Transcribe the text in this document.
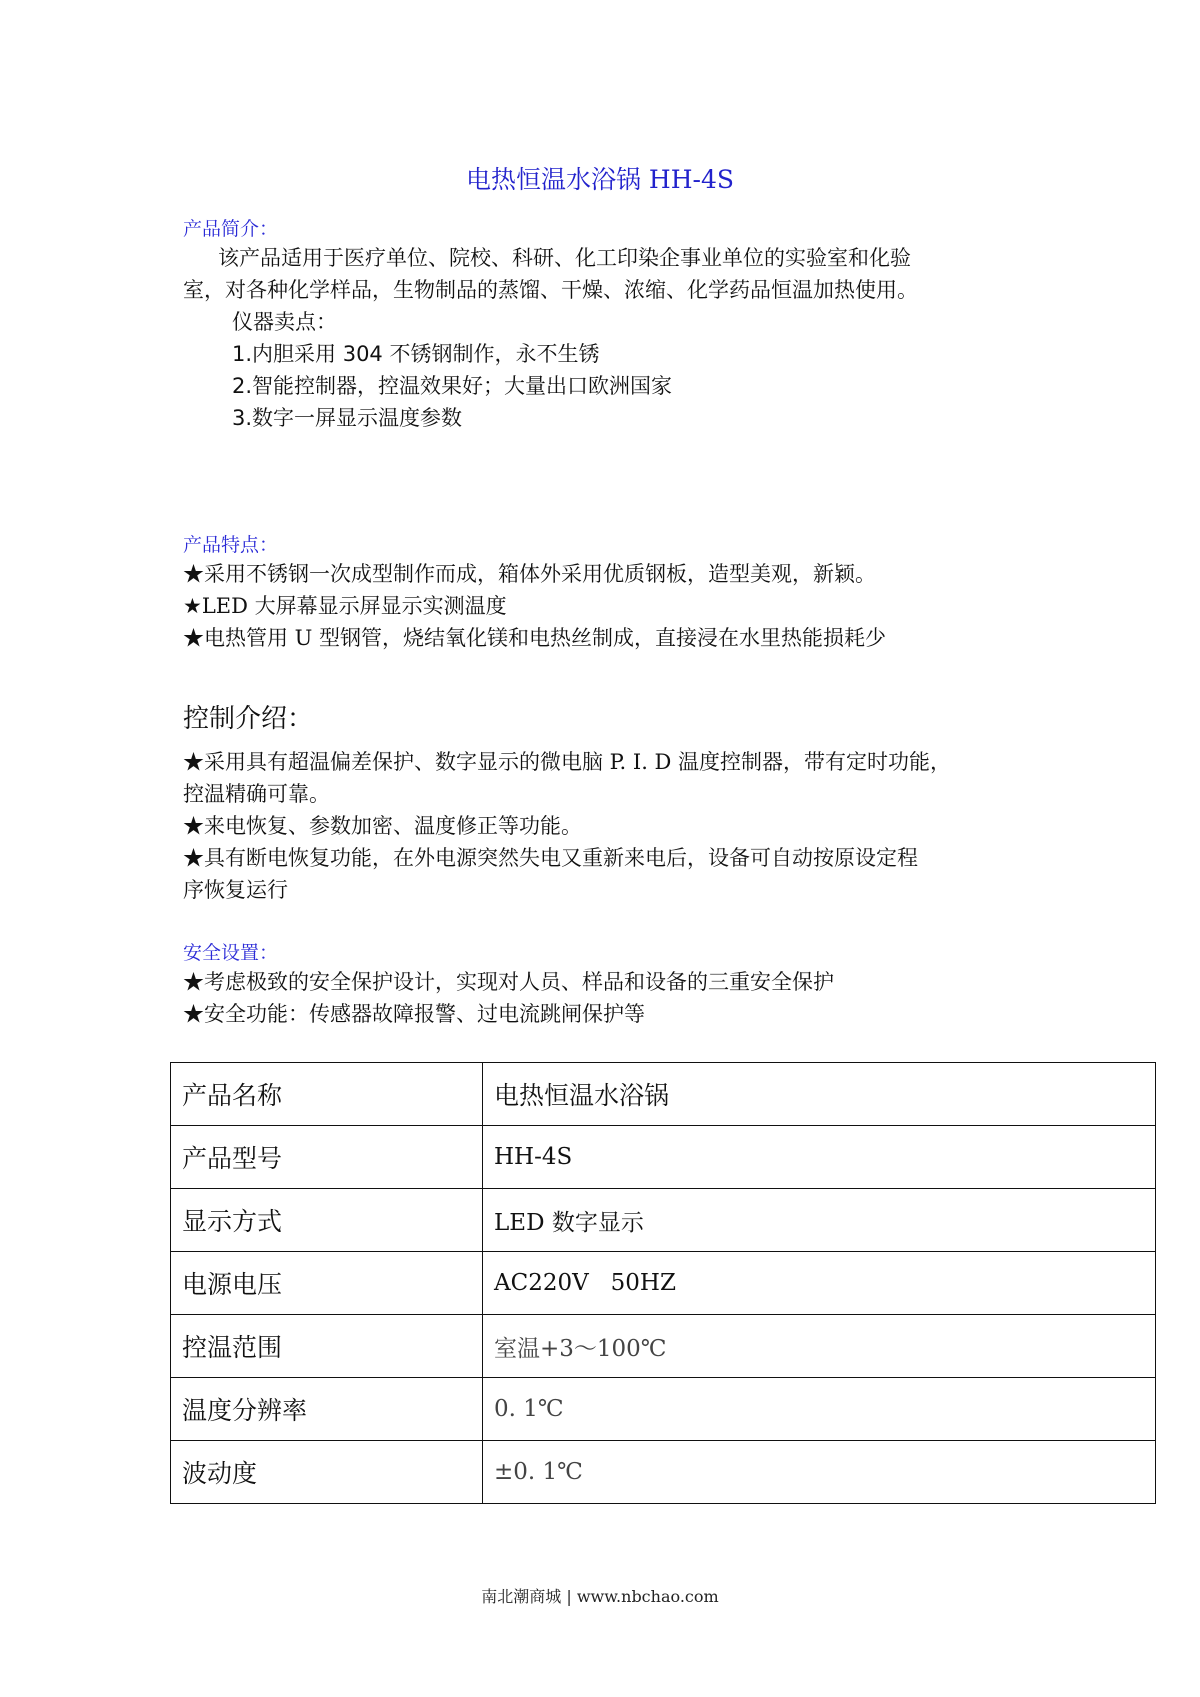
电热恒温水浴锅 HH-4S
产品简介：
该产品适用于医疗单位、院校、科研、化工印染企事业单位的实验室和化验
室，对各种化学样品，生物制品的蒸馏、干燥、浓缩、化学药品恒温加热使用。
仪器卖点：
1.内胆采用 304 不锈钢制作，永不生锈
2.智能控制器，控温效果好；大量出口欧洲国家
3.数字一屏显示温度参数
产品特点：
★采用不锈钢一次成型制作而成，箱体外采用优质钢板，造型美观，新颖。
★LED 大屏幕显示屏显示实测温度
★电热管用 U 型钢管，烧结氧化镁和电热丝制成，直接浸在水里热能损耗少
控制介绍：
★采用具有超温偏差保护、数字显示的微电脑 P. I. D 温度控制器，带有定时功能，
控温精确可靠。
★来电恢复、参数加密、温度修正等功能。
★具有断电恢复功能，在外电源突然失电又重新来电后，设备可自动按原设定程
序恢复运行
安全设置：
★考虑极致的安全保护设计，实现对人员、样品和设备的三重安全保护
★安全功能：传感器故障报警、过电流跳闸保护等
产品名称	电热恒温水浴锅
产品型号	HH-4S
显示方式	LED 数字显示
电源电压	AC220V   50HZ
控温范围	室温+3～100℃
温度分辨率	0. 1℃
波动度	±0. 1℃
南北潮商城 | www.nbchao.com
